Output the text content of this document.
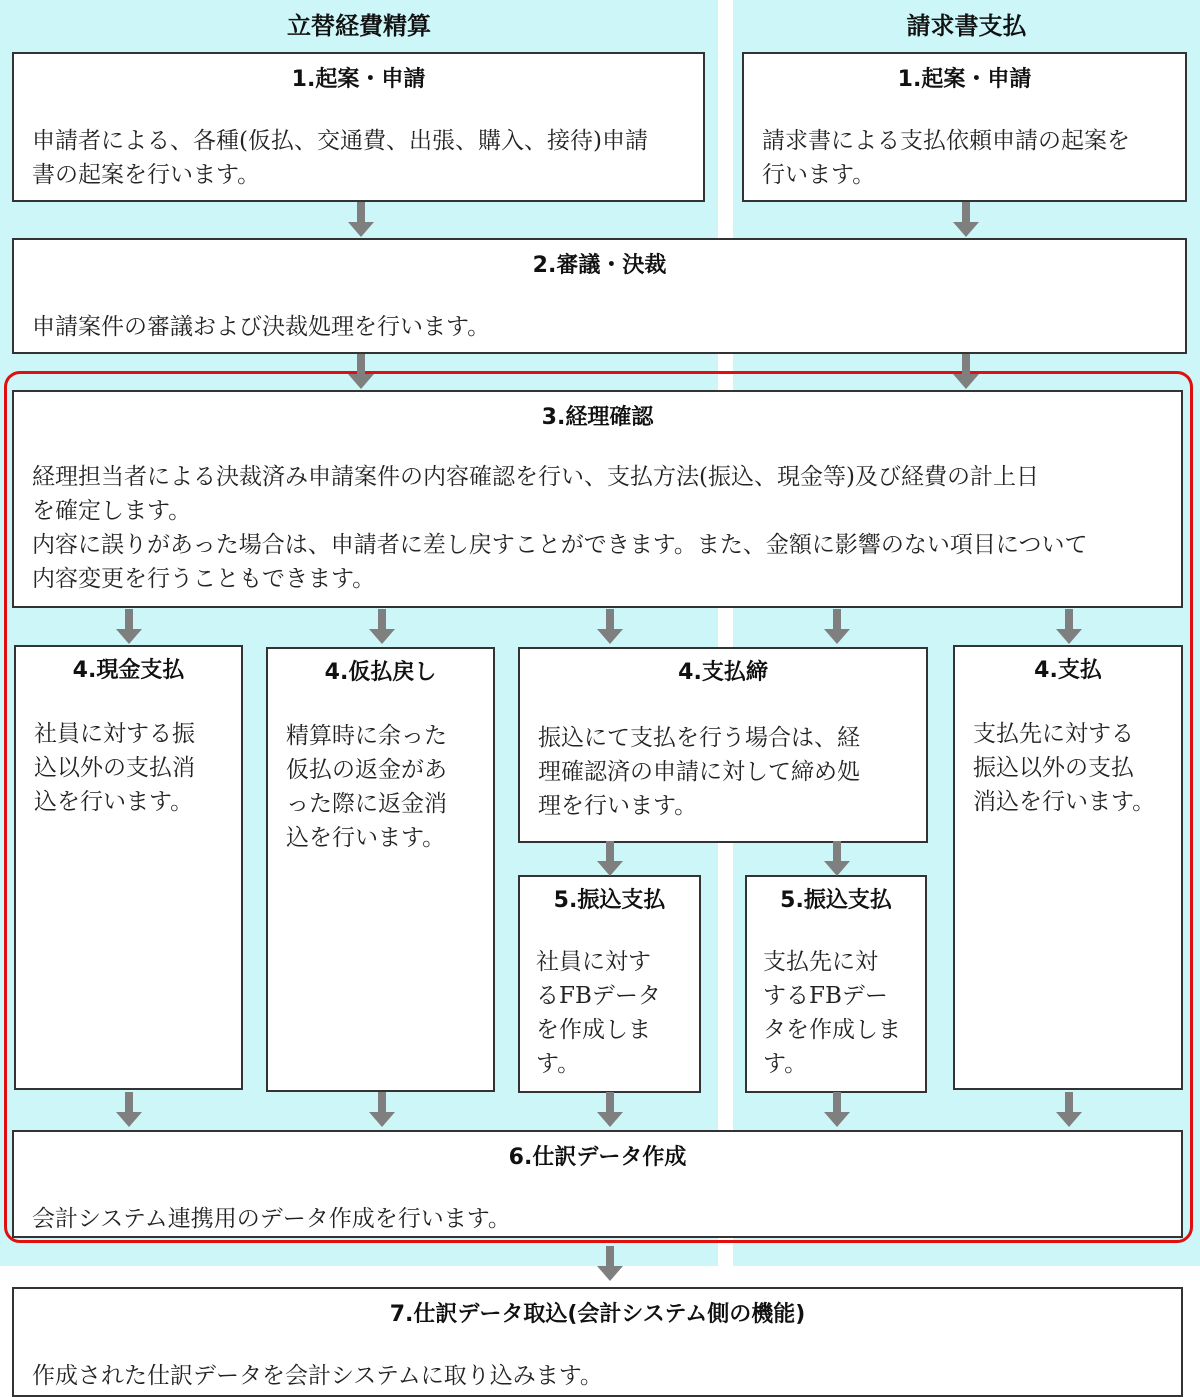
立替経費精算	請求書支払
1.起案・申請
申請者による、各種(仮払、交通費、出張、購入、接待)申請
書の起案を行います。
1.起案・申請
請求書による支払依頼申請の起案を
行います。
2.審議・決裁
申請案件の審議および決裁処理を行います。
3.経理確認
経理担当者による決裁済み申請案件の内容確認を行い、支払方法(振込、現金等)及び経費の計上日
を確定します。
内容に誤りがあった場合は、申請者に差し戻すことができます。また、金額に影響のない項目について
内容変更を行うこともできます。
4.現金支払
社員に対する振
込以外の支払消
込を行います。
4.仮払戻し
精算時に余った
仮払の返金があ
った際に返金消
込を行います。
4.支払締
振込にて支払を行う場合は、経
理確認済の申請に対して締め処
理を行います。
4.支払
支払先に対する
振込以外の支払
消込を行います。
5.振込支払
社員に対す
るFBデータ
を作成します。
5.振込支払
支払先に対
するFBデー
タを作成しま
す。
6.仕訳データ作成
会計システム連携用のデータ作成を行います。
7.仕訳データ取込(会計システム側の機能)
作成された仕訳データを会計システムに取り込みます。
